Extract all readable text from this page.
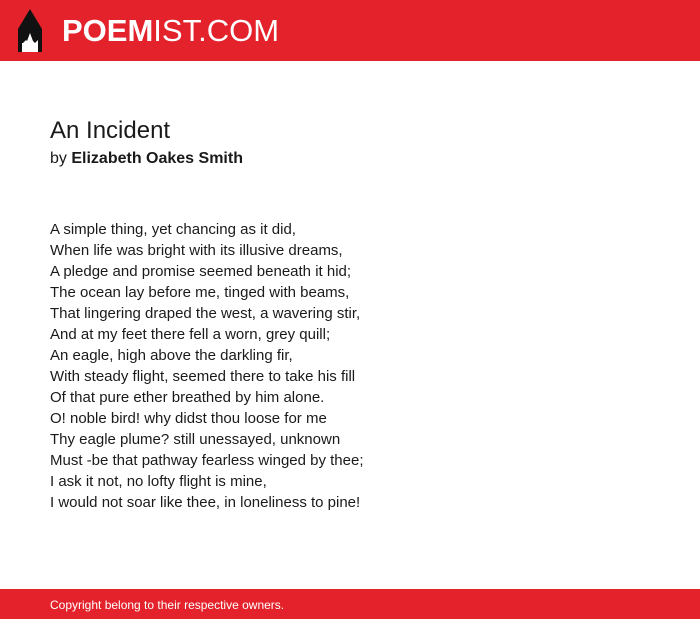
POEMIST.COM
An Incident
by Elizabeth Oakes Smith
A simple thing, yet chancing as it did,
When life was bright with its illusive dreams,
A pledge and promise seemed beneath it hid;
The ocean lay before me, tinged with beams,
That lingering draped the west, a wavering stir,
And at my feet there fell a worn, grey quill;
An eagle, high above the darkling fir,
With steady flight, seemed there to take his fill
Of that pure ether breathed by him alone.
O! noble bird! why didst thou loose for me
Thy eagle plume? still unessayed, unknown
Must -be that pathway fearless winged by thee;
I ask it not, no lofty flight is mine,
I would not soar like thee, in loneliness to pine!
Copyright belong to their respective owners.
